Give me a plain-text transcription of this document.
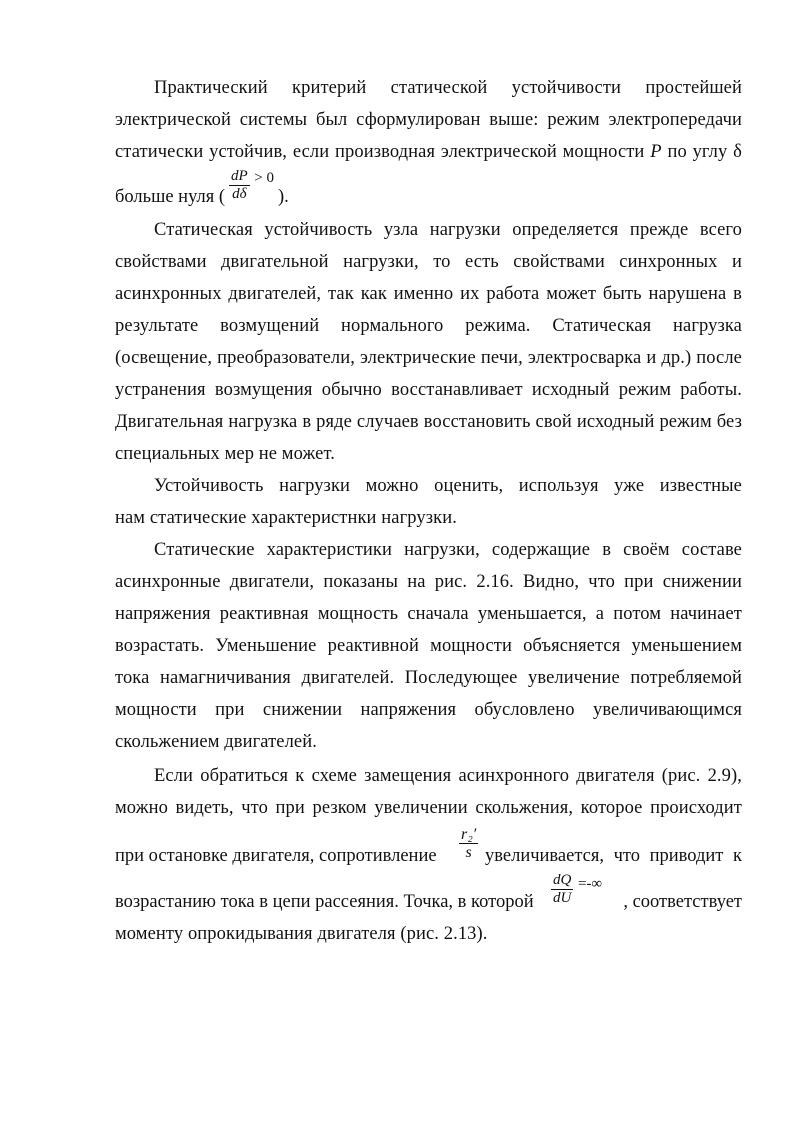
Практический критерий статической устойчивости простейшей
электрической системы был сформулирован выше: режим электропередачи
статически устойчив, если производная электрической мощности P по углу δ
больше нуля ( $\frac{dP}{d\delta} ^{> 0}$
).
Статическая устойчивость узла нагрузки определяется прежде всего
свойствами двигательной нагрузки, то есть свойствами синхронных и
асинхронных двигателей, так как именно их работа может быть нарушена в
результате возмущений нормального режима. Статическая нагрузка
(освещение, преобразователи, электрические печи, электросварка и др.) после
устранения возмущения обычно восстанавливает исходный режим работы.
Двигательная нагрузка в ряде случаев восстановить свой исходный режим без
специальных мер не может.
Устойчивость нагрузки можно оценить, используя уже известные
нам статические характеристнки нагрузки.
Статические характеристики нагрузки, содержащие в своём составе
асинхронные двигатели, показаны на рис. 2.16. Видно, что при снижении
напряжения реактивная мощность сначала уменьшается, а потом начинает
возрастать. Уменьшение реактивной мощности объясняется уменьшением
тока намагничивания двигателей. Последующее увеличение потребляемой
мощности при снижении напряжения обусловлено увеличивающимся
скольжением двигателей.
Если обратиться к схеме замещения асинхронного двигателя (рис. 2.9),
можно видеть, что при резком увеличении скольжения, которое происходит
при остановке двигателя, сопротивление $\frac{\text{r₂′}}{s}$ увеличивается, что приводит к
возрастанию тока в цепи рассеяния. Точка, в которой $\frac{dQ}{dU} ^{=-\infty}$
, соответствует
моменту опрокидывания двигателя (рис. 2.13).
